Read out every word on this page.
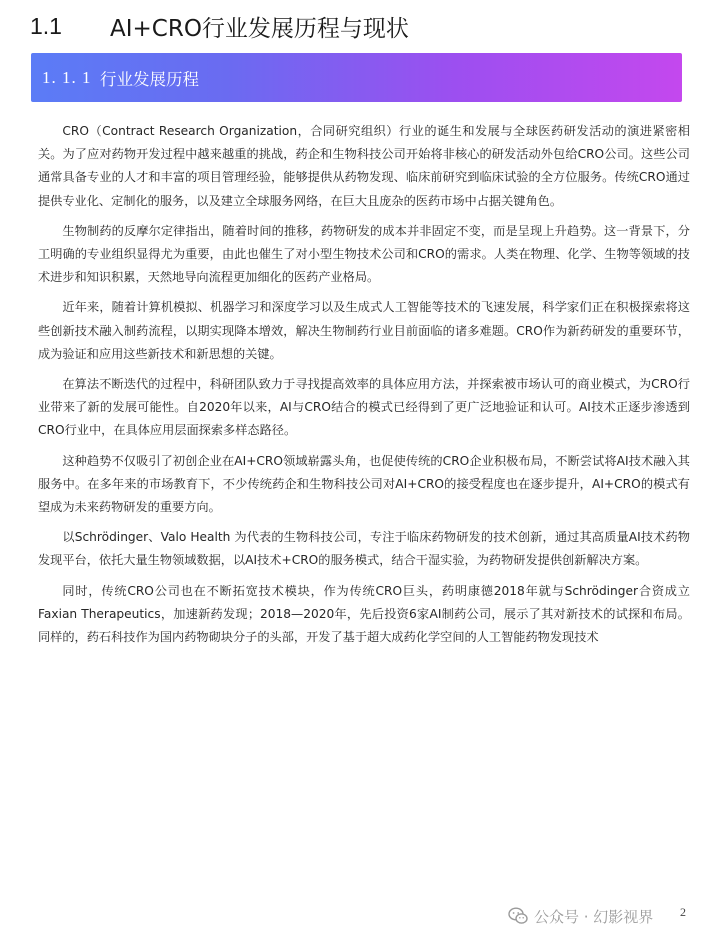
1.1	AI+CRO行业发展历程与现状
1. 1. 1 行业发展历程

CRO（Contract Research Organization，合同研究组织）行业的诞生和发展与全球医药研发活动的演进紧密相关。为了应对药物开发过程中越来越重的挑战，药企和生物科技公司开始将非核心的研发活动外包给CRO公司。这些公司通常具备专业的人才和丰富的项目管理经验，能够提供从药物发现、临床前研究到临床试验的全方位服务。传统CRO通过提供专业化、定制化的服务，以及建立全球服务网络，在巨大且庞杂的医药市场中占据关键角色。

生物制药的反摩尔定律指出，随着时间的推移，药物研发的成本并非固定不变，而是呈现上升趋势。这一背景下，分工明确的专业组织显得尤为重要，由此也催生了对小型生物技术公司和CRO的需求。人类在物理、化学、生物等领域的技术进步和知识积累，天然地导向流程更加细化的医药产业格局。

近年来，随着计算机模拟、机器学习和深度学习以及生成式人工智能等技术的飞速发展，科学家们正在积极探索将这些创新技术融入制药流程，以期实现降本增效，解决生物制药行业目前面临的诸多难题。CRO作为新药研发的重要环节，成为验证和应用这些新技术和新思想的关键。

在算法不断迭代的过程中，科研团队致力于寻找提高效率的具体应用方法，并探索被市场认可的商业模式，为CRO行业带来了新的发展可能性。自2020年以来，AI与CRO结合的模式已经得到了更广泛地验证和认可。AI技术正逐步渗透到CRO行业中，在具体应用层面探索多样态路径。

这种趋势不仅吸引了初创企业在AI+CRO领域崭露头角，也促使传统的CRO企业积极布局，不断尝试将AI技术融入其服务中。在多年来的市场教育下，不少传统药企和生物科技公司对AI+CRO的接受程度也在逐步提升，AI+CRO的模式有望成为未来药物研发的重要方向。

以Schrödinger、Valo Health 为代表的生物科技公司，专注于临床药物研发的技术创新，通过其高质量AI技术药物发现平台，依托大量生物领域数据，以AI技术+CRO的服务模式，结合干湿实验，为药物研发提供创新解决方案。

同时，传统CRO公司也在不断拓宽技术模块，作为传统CRO巨头，药明康德2018年就与Schrödinger合资成立Faxian Therapeutics，加速新药发现；2018—2020年，先后投资6家AI制药公司，展示了其对新技术的试探和布局。同样的，药石科技作为国内药物砌块分子的头部，开发了基于超大成药化学空间的人工智能药物发现技术

公众号 · 幻影视界 2
